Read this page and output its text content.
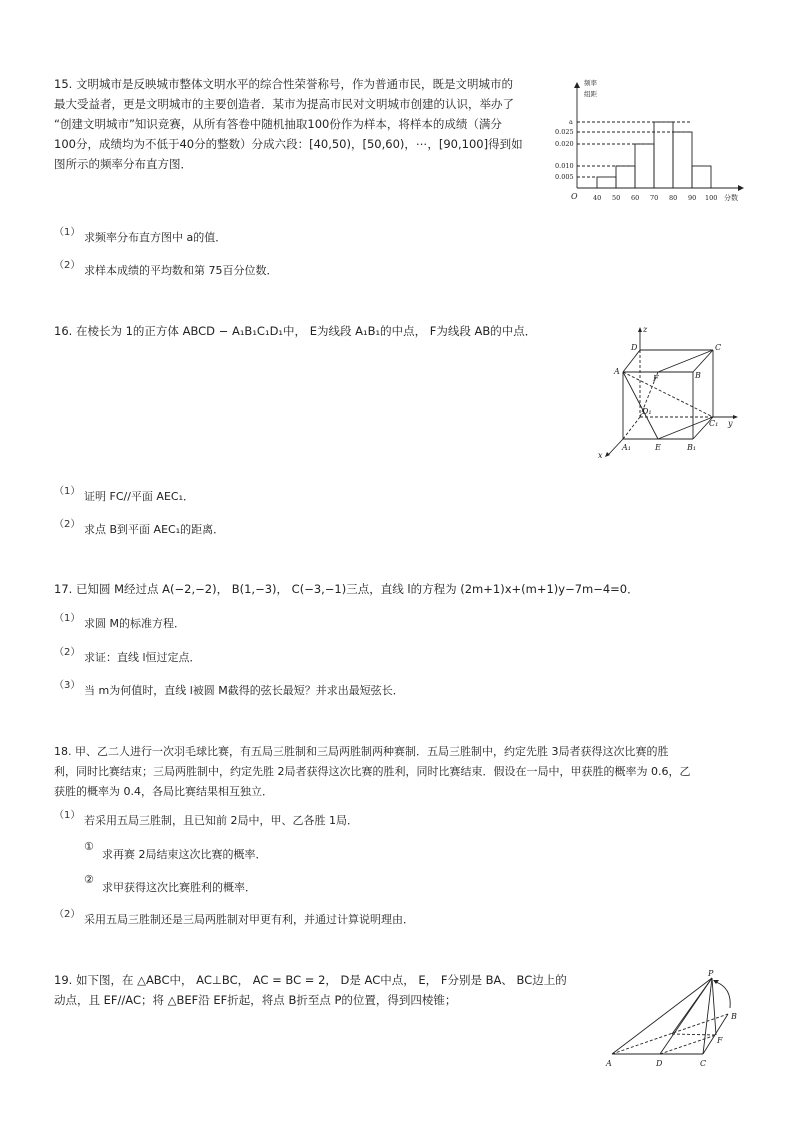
15. 文明城市是反映城市整体文明水平的综合性荣誉称号，作为普通市民，既是文明城市的
最大受益者，更是文明城市的主要创造者．某市为提高市民对文明城市创建的认识，举办了
“创建文明城市”知识竞赛，从所有答卷中随机抽取100份作为样本，将样本的成绩（满分
100分，成绩均为不低于40分的整数）分成六段：[40,50)，[50,60)，⋯，[90,100]得到如
图所示的频率分布直方图．
频率
组距
a
0.025
0.020
0.010
0.005
O 40 50 60 70 80 90 100 分数
（1） 求频率分布直方图中 a的值．
（2） 求样本成绩的平均数和第 75百分位数．
16. 在棱长为 1的正方体 ABCD − A₁B₁C₁D₁中， E为线段 A₁B₁的中点， F为线段 AB的中点．	z
D	C
A
F	B
D₁
C₁ y
A₁	E	B₁
x
（1） 证明 FC//平面 AEC₁．
（2） 求点 B到平面 AEC₁的距离．
17. 已知圆 M经过点 A(−2,−2)， B(1,−3)， C(−3,−1)三点，直线 l的方程为 (2m+1)x+(m+1)y−7m−4=0．
（1） 求圆 M的标准方程．
（2） 求证：直线 l恒过定点．
（3） 当 m为何值时，直线 l被圆 M截得的弦长最短？并求出最短弦长．
18. 甲、乙二人进行一次羽毛球比赛，有五局三胜制和三局两胜制两种赛制．五局三胜制中，约定先胜 3局者获得这次比赛的胜
利，同时比赛结束；三局两胜制中，约定先胜 2局者获得这次比赛的胜利，同时比赛结束．假设在一局中，甲获胜的概率为 0.6，乙
获胜的概率为 0.4，各局比赛结果相互独立．
（1） 若采用五局三胜制，且已知前 2局中，甲、乙各胜 1局．
①
求再赛 2局结束这次比赛的概率．
②
求甲获得这次比赛胜利的概率．
（2） 采用五局三胜制还是三局两胜制对甲更有利，并通过计算说明理由．
19. 如下图，在 △ABC中， AC⊥BC， AC = BC = 2， D是 AC中点， E， F分别是 BA、 BC边上的
动点，且 EF//AC；将 △BEF沿 EF折起，将点 B折至点 P的位置，得到四棱锥；
P
B
F
A	D	C
